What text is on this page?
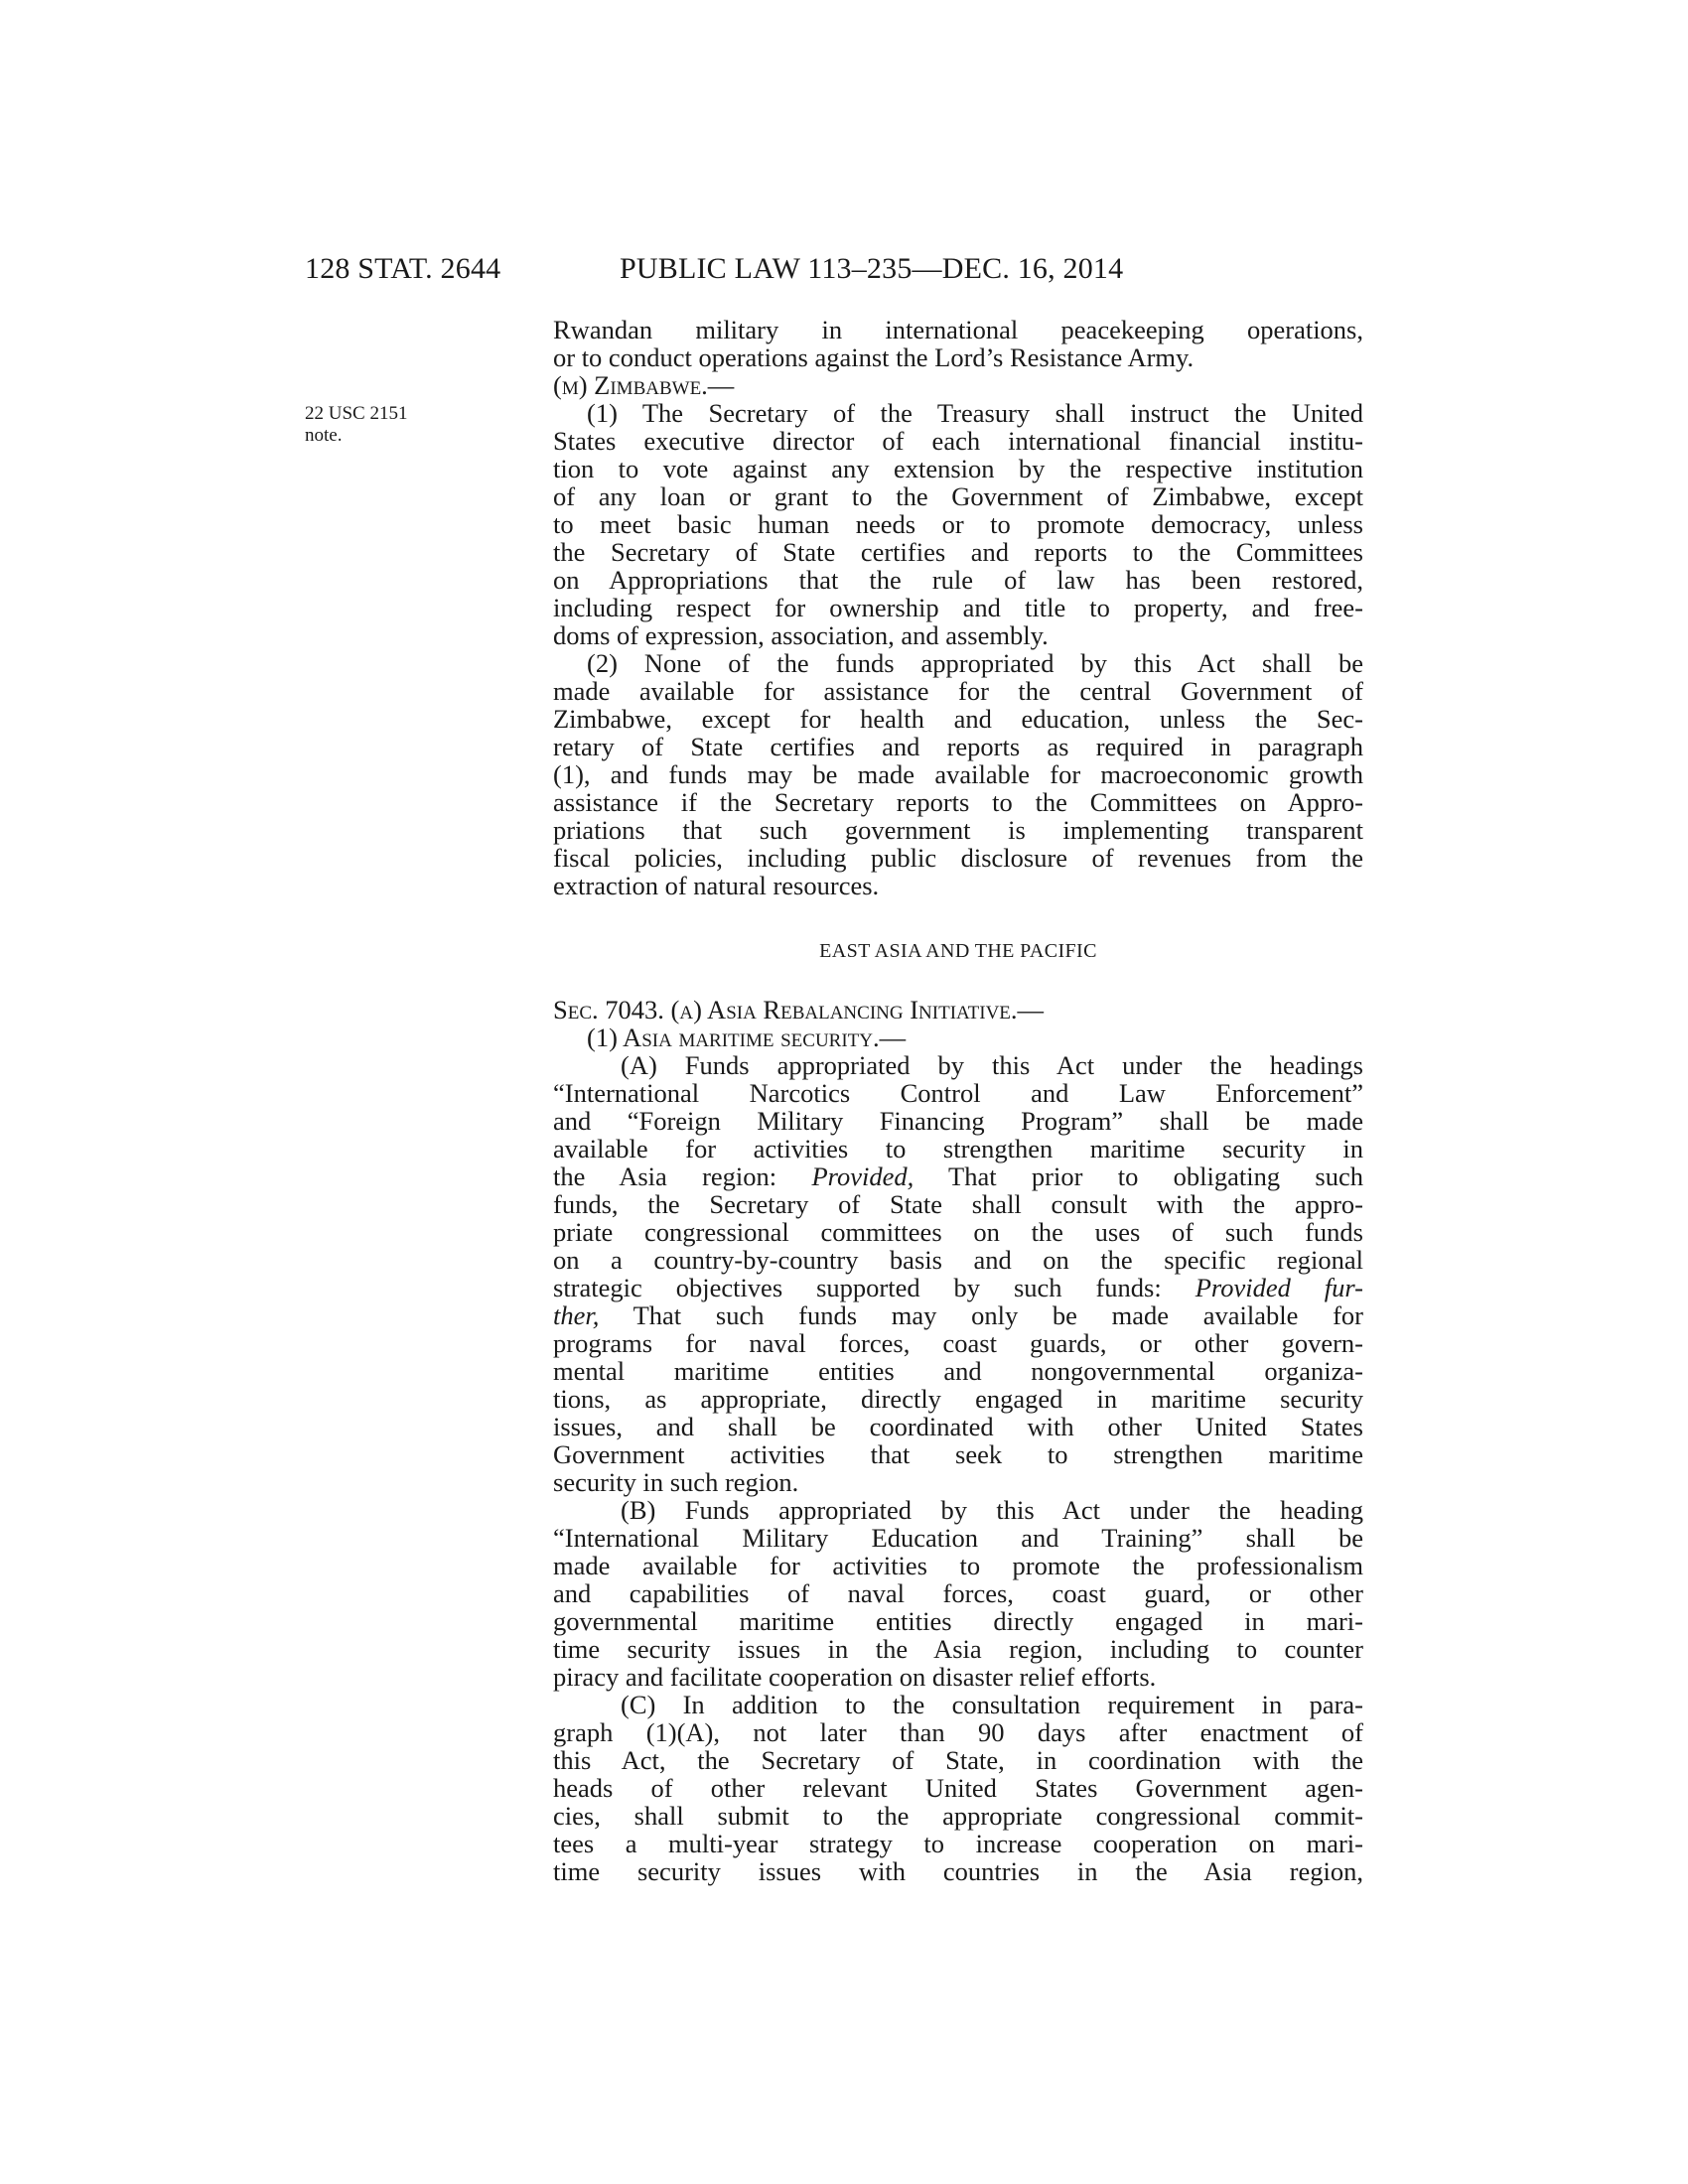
128 STAT. 2644	PUBLIC LAW 113–235—DEC. 16, 2014
22 USC 2151
note.
Rwandan military in international peacekeeping operations,
or to conduct operations against the Lord’s Resistance Army.
(m) Zimbabwe.—
(1) The Secretary of the Treasury shall instruct the United
States executive director of each international financial institu-
tion to vote against any extension by the respective institution
of any loan or grant to the Government of Zimbabwe, except
to meet basic human needs or to promote democracy, unless
the Secretary of State certifies and reports to the Committees
on Appropriations that the rule of law has been restored,
including respect for ownership and title to property, and free-
doms of expression, association, and assembly.
(2) None of the funds appropriated by this Act shall be
made available for assistance for the central Government of
Zimbabwe, except for health and education, unless the Sec-
retary of State certifies and reports as required in paragraph
(1), and funds may be made available for macroeconomic growth
assistance if the Secretary reports to the Committees on Appro-
priations that such government is implementing transparent
fiscal policies, including public disclosure of revenues from the
extraction of natural resources.
EAST ASIA AND THE PACIFIC
Sec. 7043. (a) Asia Rebalancing Initiative.—
(1) Asia maritime security.—
(A) Funds appropriated by this Act under the headings
“International Narcotics Control and Law Enforcement”
and “Foreign Military Financing Program” shall be made
available for activities to strengthen maritime security in
the Asia region: Provided, That prior to obligating such
funds, the Secretary of State shall consult with the appro-
priate congressional committees on the uses of such funds
on a country-by-country basis and on the specific regional
strategic objectives supported by such funds: Provided fur-
ther, That such funds may only be made available for
programs for naval forces, coast guards, or other govern-
mental maritime entities and nongovernmental organiza-
tions, as appropriate, directly engaged in maritime security
issues, and shall be coordinated with other United States
Government activities that seek to strengthen maritime
security in such region.
(B) Funds appropriated by this Act under the heading
“International Military Education and Training” shall be
made available for activities to promote the professionalism
and capabilities of naval forces, coast guard, or other
governmental maritime entities directly engaged in mari-
time security issues in the Asia region, including to counter
piracy and facilitate cooperation on disaster relief efforts.
(C) In addition to the consultation requirement in para-
graph (1)(A), not later than 90 days after enactment of
this Act, the Secretary of State, in coordination with the
heads of other relevant United States Government agen-
cies, shall submit to the appropriate congressional commit-
tees a multi-year strategy to increase cooperation on mari-
time security issues with countries in the Asia region,
